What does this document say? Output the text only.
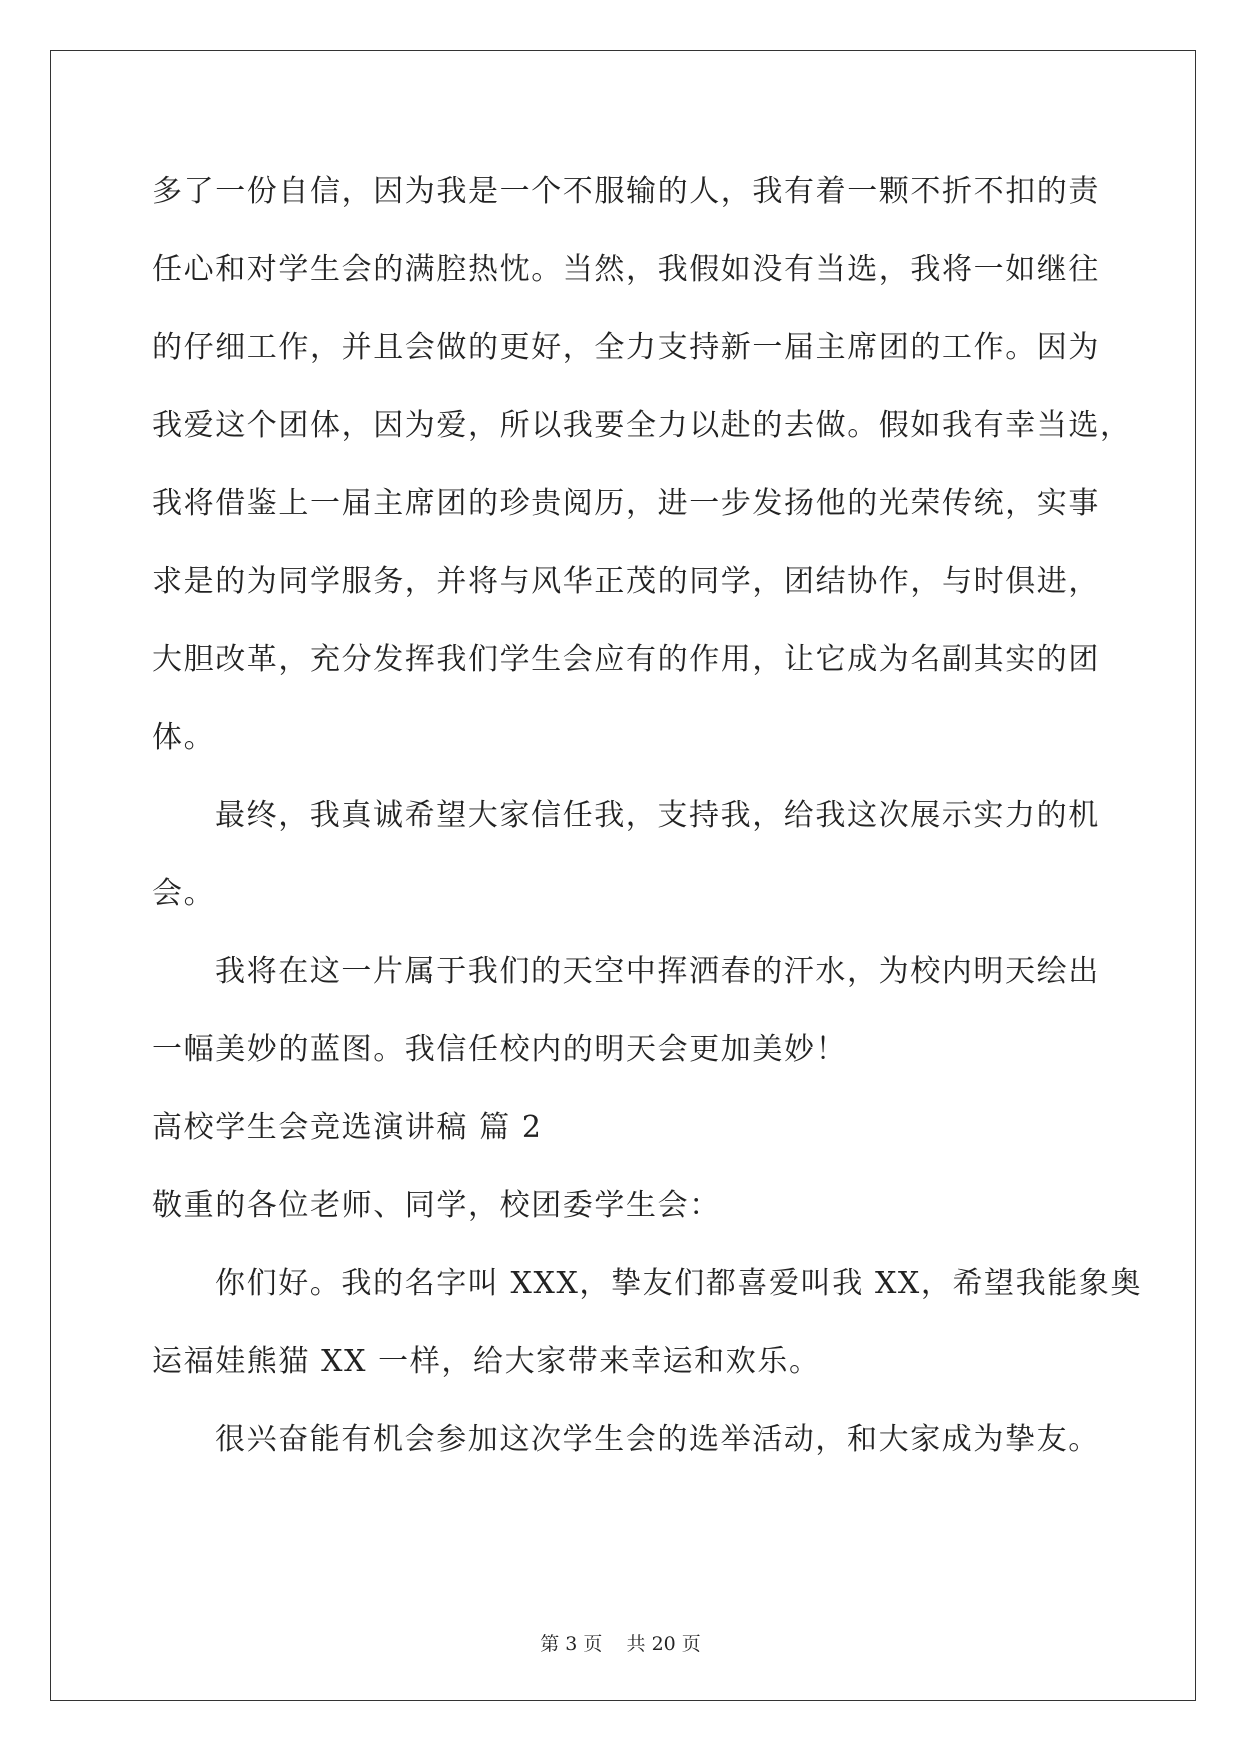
多了一份自信，因为我是一个不服输的人，我有着一颗不折不扣的责
任心和对学生会的满腔热忱。当然，我假如没有当选，我将一如继往
的仔细工作，并且会做的更好，全力支持新一届主席团的工作。因为
我爱这个团体，因为爱，所以我要全力以赴的去做。假如我有幸当选，
我将借鉴上一届主席团的珍贵阅历，进一步发扬他的光荣传统，实事
求是的为同学服务，并将与风华正茂的同学，团结协作，与时俱进，
大胆改革，充分发挥我们学生会应有的作用，让它成为名副其实的团
体。
最终，我真诚希望大家信任我，支持我，给我这次展示实力的机
会。
我将在这一片属于我们的天空中挥洒春的汗水，为校内明天绘出
一幅美妙的蓝图。我信任校内的明天会更加美妙！
高校学生会竞选演讲稿 篇 2
敬重的各位老师、同学，校团委学生会：
你们好。我的名字叫 XXX，挚友们都喜爱叫我 XX，希望我能象奥
运福娃熊猫 XX 一样，给大家带来幸运和欢乐。
很兴奋能有机会参加这次学生会的选举活动，和大家成为挚友。
第 3 页    共 20 页
